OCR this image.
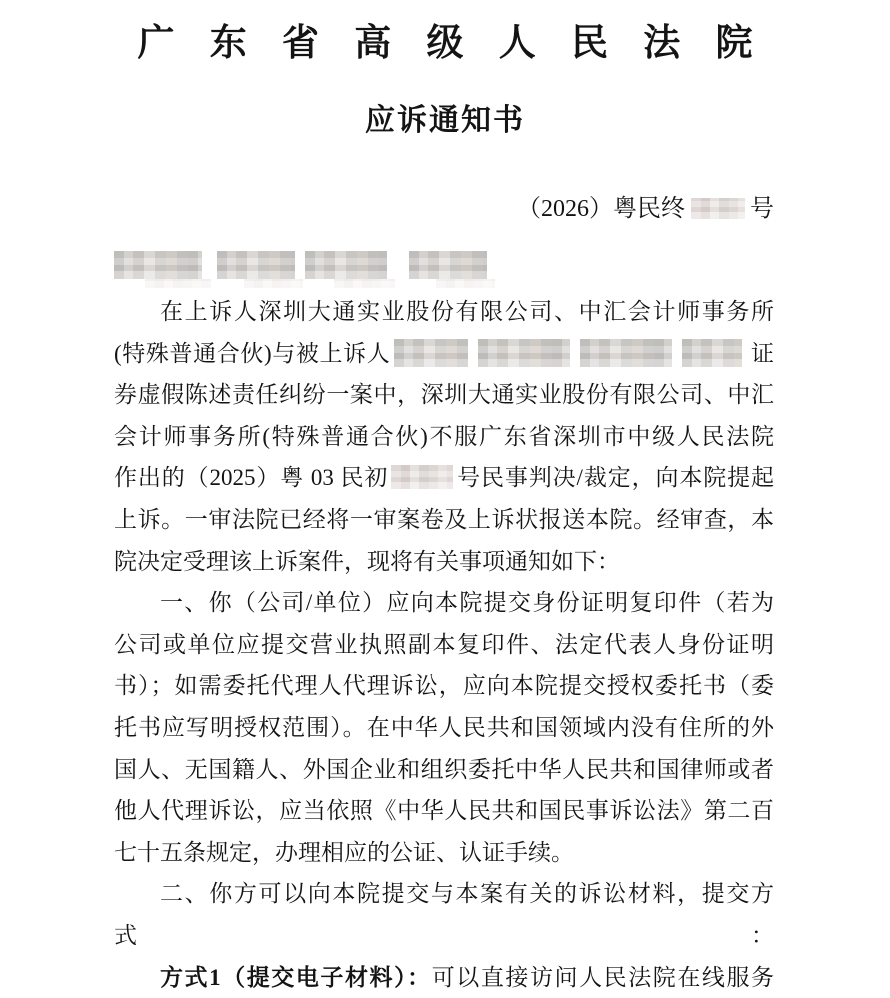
广 东 省 高 级 人 民 法 院
应诉通知书
（2026）粤民终	号
在上诉人深圳大通实业股份有限公司、中汇会计师事务所
(特殊普通合伙)与被上诉人	证
券虚假陈述责任纠纷一案中，深圳大通实业股份有限公司、中汇
会计师事务所(特殊普通合伙)不服广东省深圳市中级人民法院
作出的（2025）粤 03 民初	号民事判决/裁定，向本院提起
上诉。一审法院已经将一审案卷及上诉状报送本院。经审查，本
院决定受理该上诉案件，现将有关事项通知如下：
一、你（公司/单位）应向本院提交身份证明复印件（若为
公司或单位应提交营业执照副本复印件、法定代表人身份证明
书）；如需委托代理人代理诉讼，应向本院提交授权委托书（委
托书应写明授权范围）。在中华人民共和国领域内没有住所的外
国人、无国籍人、外国企业和组织委托中华人民共和国律师或者
他人代理诉讼，应当依照《中华人民共和国民事诉讼法》第二百
七十五条规定，办理相应的公证、认证手续。
二、你方可以向本院提交与本案有关的诉讼材料，提交方式：
方式1（提交电子材料）：可以直接访问人民法院在线服务
